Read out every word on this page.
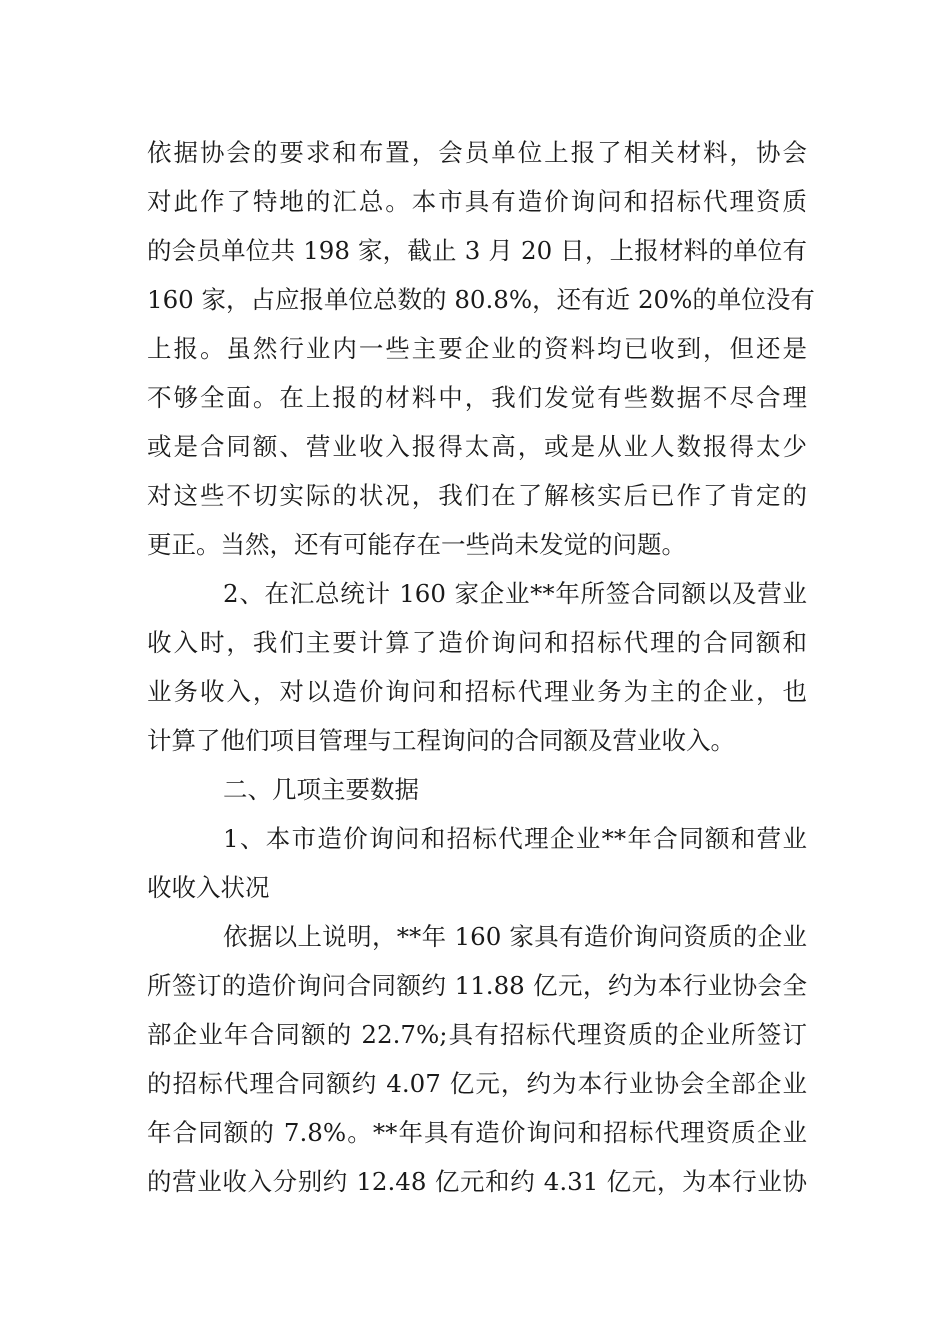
依据协会的要求和布置，会员单位上报了相关材料，协会
对此作了特地的汇总。本市具有造价询问和招标代理资质
的会员单位共 198 家，截止 3 月 20 日，上报材料的单位有
160 家，占应报单位总数的 80.8%，还有近 20%的单位没有
上报。虽然行业内一些主要企业的资料均已收到，但还是
不够全面。在上报的材料中，我们发觉有些数据不尽合理
或是合同额、营业收入报得太高，或是从业人数报得太少
对这些不切实际的状况，我们在了解核实后已作了肯定的
更正。当然，还有可能存在一些尚未发觉的问题。
2、在汇总统计 160 家企业**年所签合同额以及营业
收入时，我们主要计算了造价询问和招标代理的合同额和
业务收入，对以造价询问和招标代理业务为主的企业，也
计算了他们项目管理与工程询问的合同额及营业收入。
二、几项主要数据
1、本市造价询问和招标代理企业**年合同额和营业
收收入状况
依据以上说明，**年 160 家具有造价询问资质的企业
所签订的造价询问合同额约 11.88 亿元，约为本行业协会全
部企业年合同额的 22.7%;具有招标代理资质的企业所签订
的招标代理合同额约 4.07 亿元，约为本行业协会全部企业
年合同额的 7.8%。**年具有造价询问和招标代理资质企业
的营业收入分别约 12.48 亿元和约 4.31 亿元，为本行业协
